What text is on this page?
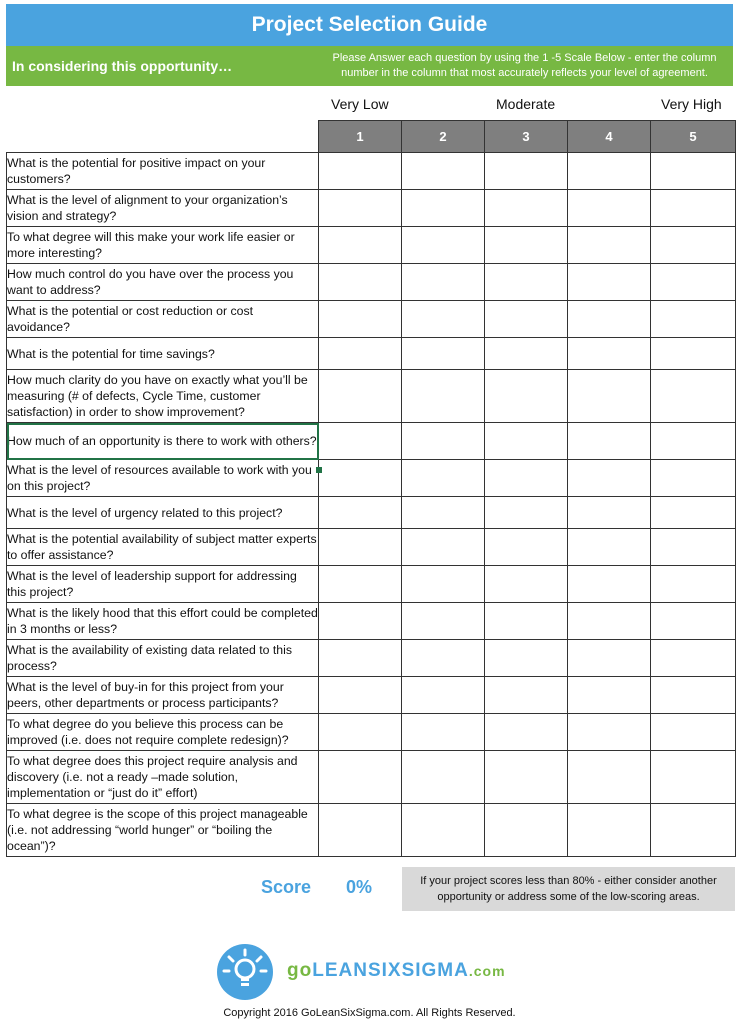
Project Selection Guide
In considering this opportunity…	Please Answer each question by using the 1 -5 Scale Below - enter the column number in the column that most accurately reflects your level of agreement.
Very Low	Moderate	Very High
	1	2	3	4	5
What is the potential for positive impact on your customers?					
What is the level of alignment to your organization’s vision and strategy?					
To what degree will this make your work life easier or more interesting?					
How much control do you have over the process you want to address?					
What is the potential or cost reduction or cost avoidance?					
What is the potential for time savings?					
How much clarity do you have on exactly what you’ll be measuring (# of defects, Cycle Time, customer satisfaction) in order to show improvement?					
How much of an opportunity is there to work with others?					
What is the level of resources available to work with you on this project?					
What is the level of urgency related to this project?					
What is the potential availability of subject matter experts to offer assistance?					
What is the level of leadership support for addressing this project?					
What is the likely hood that this effort could be completed in 3 months or less?					
What is the availability of existing data related to this process?					
What is the level of buy-in for this project from your peers, other departments or process participants?					
To what degree do you believe this process can be improved (i.e. does not require complete redesign)?					
To what degree does this project require analysis and discovery (i.e. not a ready –made solution, implementation or “just do it” effort)					
To what degree is the scope of this project manageable (i.e. not addressing “world hunger” or “boiling the ocean”)?					
Score 0%	If your project scores less than 80% - either consider another opportunity or address some of the low-scoring areas.
goLEANSIXSIGMA.com
Copyright 2016 GoLeanSixSigma.com. All Rights Reserved.
